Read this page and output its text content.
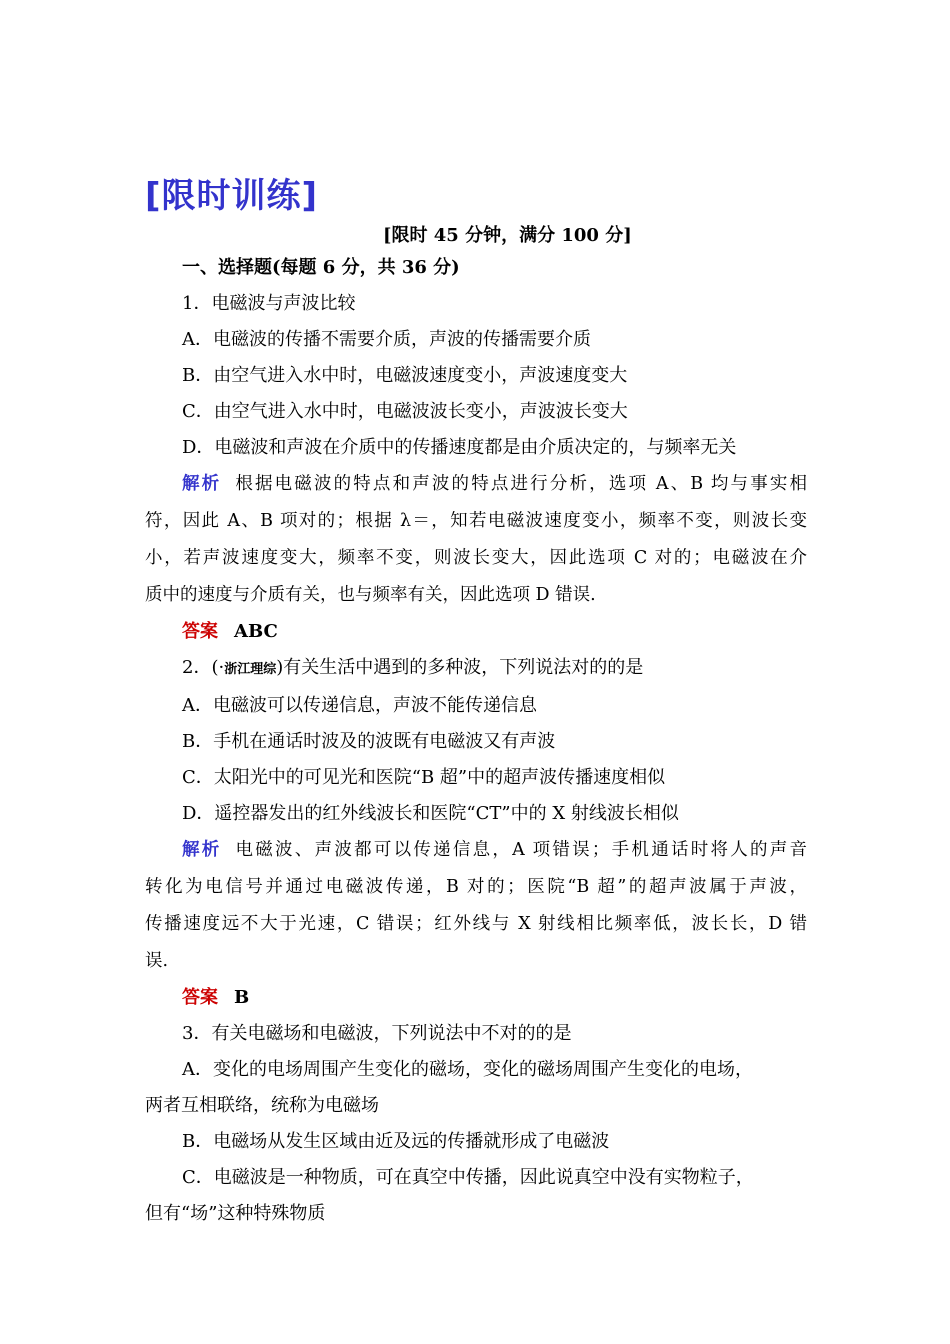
[限时训练]
[限时 45 分钟，满分 100 分]
一、选择题(每题 6 分，共 36 分)
1．电磁波与声波比较
A．电磁波的传播不需要介质，声波的传播需要介质
B．由空气进入水中时，电磁波速度变小，声波速度变大
C．由空气进入水中时，电磁波波长变小，声波波长变大
D．电磁波和声波在介质中的传播速度都是由介质决定的，与频率无关
解析 根据电磁波的特点和声波的特点进行分析，选项 A、B 均与事实相
符，因此 A、B 项对的；根据 λ＝，知若电磁波速度变小，频率不变，则波长变
小，若声波速度变大，频率不变，则波长变大，因此选项 C 对的；电磁波在介
质中的速度与介质有关，也与频率有关，因此选项 D 错误.
答案 ABC
2．(·浙江理综)有关生活中遇到的多种波，下列说法对的的是
A．电磁波可以传递信息，声波不能传递信息
B．手机在通话时波及的波既有电磁波又有声波
C．太阳光中的可见光和医院“B 超”中的超声波传播速度相似
D．遥控器发出的红外线波长和医院“CT”中的 X 射线波长相似
解析 电磁波、声波都可以传递信息，A 项错误；手机通话时将人的声音
转化为电信号并通过电磁波传递，B 对的；医院“B 超”的超声波属于声波，
传播速度远不大于光速，C 错误；红外线与 X 射线相比频率低，波长长，D 错
误.
答案 B
3．有关电磁场和电磁波，下列说法中不对的的是
A．变化的电场周围产生变化的磁场，变化的磁场周围产生变化的电场，
两者互相联络，统称为电磁场
B．电磁场从发生区域由近及远的传播就形成了电磁波
C．电磁波是一种物质，可在真空中传播，因此说真空中没有实物粒子，
但有“场”这种特殊物质
